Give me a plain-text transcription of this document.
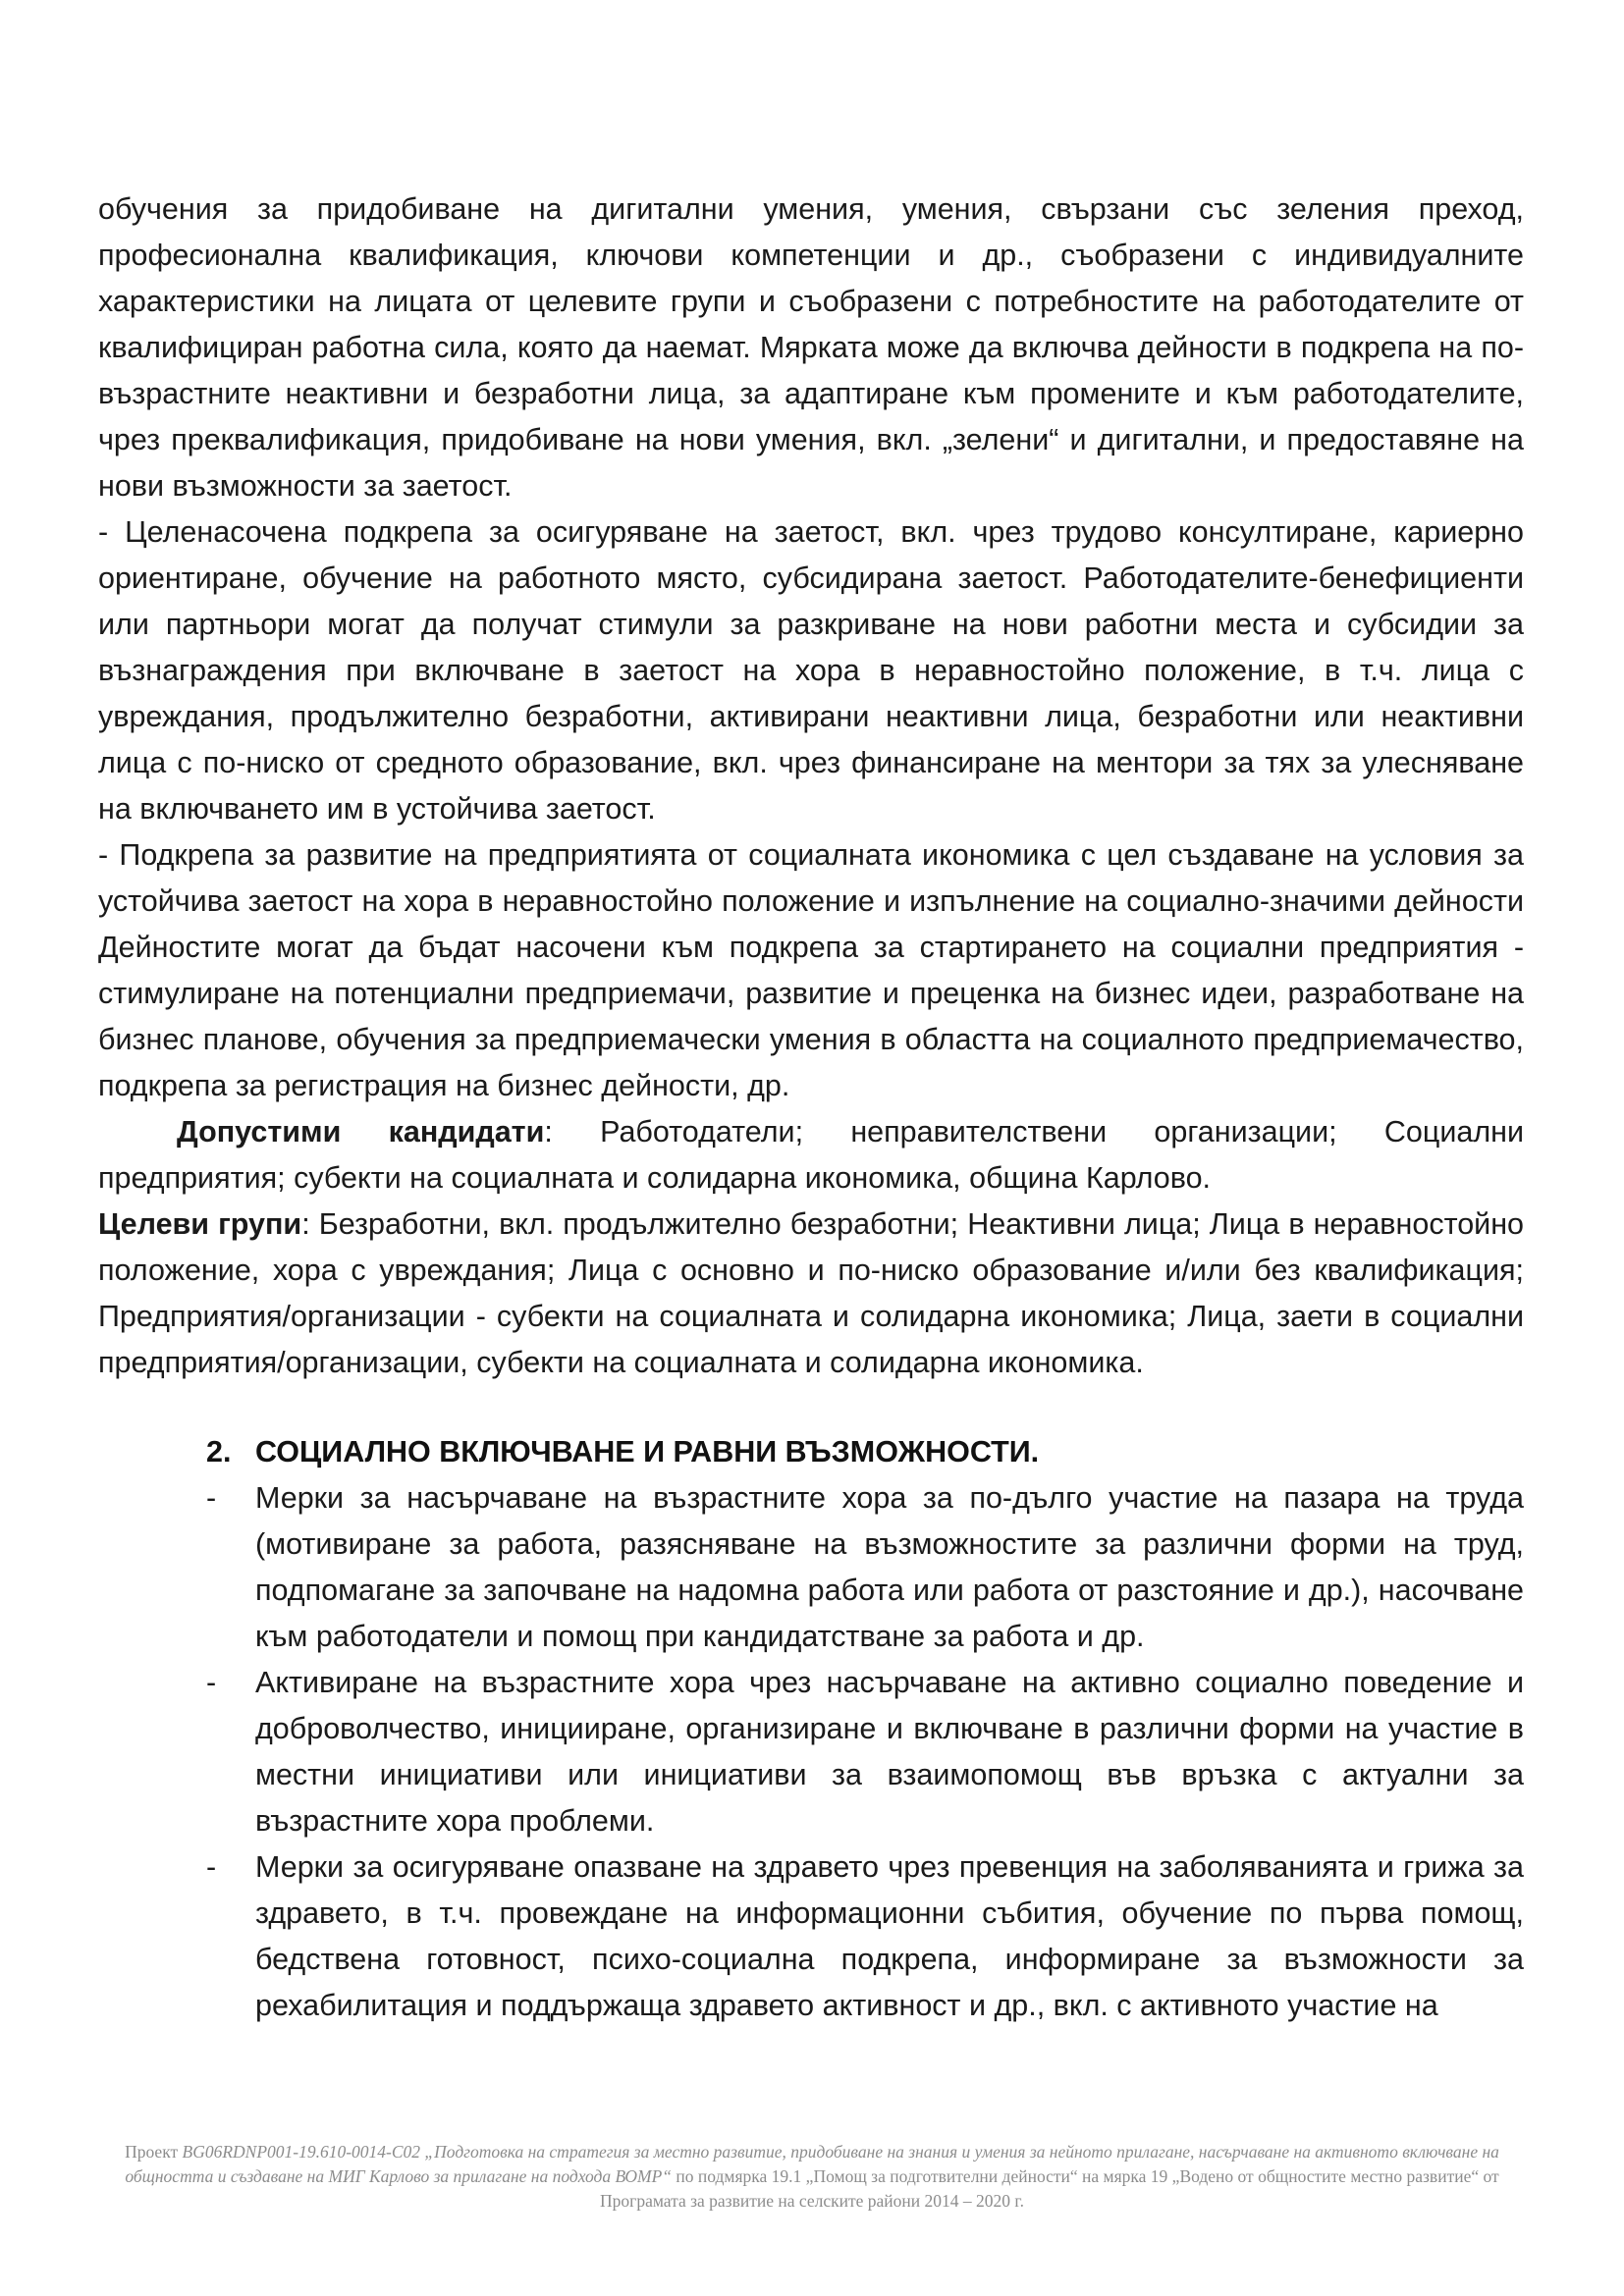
обучения за придобиване на дигитални умения, умения, свързани със зеления преход, професионална квалификация, ключови компетенции и др., съобразени с индивидуалните характеристики на лицата от целевите групи и съобразени с потребностите на работодателите от квалифициран работна сила, която да наемат. Мярката може да включва дейности в подкрепа на по-възрастните неактивни и безработни лица, за адаптиране към промените и към работодателите, чрез преквалификация, придобиване на нови умения, вкл. „зелени“ и дигитални, и предоставяне на нови възможности за заетост.

- Целенасочена подкрепа за осигуряване на заетост, вкл. чрез трудово консултиране, кариерно ориентиране, обучение на работното място, субсидирана заетост. Работодателите-бенефициенти или партньори могат да получат стимули за разкриване на нови работни места и субсидии за възнаграждения при включване в заетост на хора в неравностойно положение, в т.ч. лица с увреждания, продължително безработни, активирани неактивни лица, безработни или неактивни лица с по-ниско от средното образование, вкл. чрез финансиране на ментори за тях за улесняване на включването им в устойчива заетост.

- Подкрепа за развитие на предприятията от социалната икономика с цел създаване на условия за устойчива заетост на хора в неравностойно положение и изпълнение на социално-значими дейности Дейностите могат да бъдат насочени към подкрепа за стартирането на социални предприятия - стимулиране на потенциални предприемачи, развитие и преценка на бизнес идеи, разработване на бизнес планове, обучения за предприемачески умения в областта на социалното предприемачество, подкрепа за регистрация на бизнес дейности, др.

Допустими кандидати: Работодатели; неправителствени организации; Социални предприятия; субекти на социалната и солидарна икономика, община Карлово.

Целеви групи: Безработни, вкл. продължително безработни; Неактивни лица; Лица в неравностойно положение, хора с увреждания; Лица с основно и по-ниско образование и/или без квалификация; Предприятия/организации - субекти на социалната и солидарна икономика; Лица, заети в социални предприятия/организации, субекти на социалната и солидарна икономика.

2. СОЦИАЛНО ВКЛЮЧВАНЕ И РАВНИ ВЪЗМОЖНОСТИ.

- Мерки за насърчаване на възрастните хора за по-дълго участие на пазара на труда (мотивиране за работа, разясняване на възможностите за различни форми на труд, подпомагане за започване на надомна работа или работа от разстояние и др.), насочване към работодатели и помощ при кандидатстване за работа и др.

- Активиране на възрастните хора чрез насърчаване на активно социално поведение и доброволчество, иницииране, организиране и включване в различни форми на участие в местни инициативи или инициативи за взаимопомощ във връзка с актуални за възрастните хора проблеми.

- Мерки за осигуряване опазване на здравето чрез превенция на заболяванията и грижа за здравето, в т.ч. провеждане на информационни събития, обучение по първа помощ, бедствена готовност, психо-социална подкрепа, информиране за възможности за рехабилитация и поддържаща здравето активност и др., вкл. с активното участие на

Проект BG06RDNP001-19.610-0014-C02 „Подготовка на стратегия за местно развитие, придобиване на знания и умения за нейното прилагане, насърчаване на активното включване на общността и създаване на МИГ Карлово за прилагане на подхода ВОМР“ по подмярка 19.1 „Помощ за подготвителни дейности“ на мярка 19 „Водено от общностите местно развитие“ от Програмата за развитие на селските райони 2014 – 2020 г.
